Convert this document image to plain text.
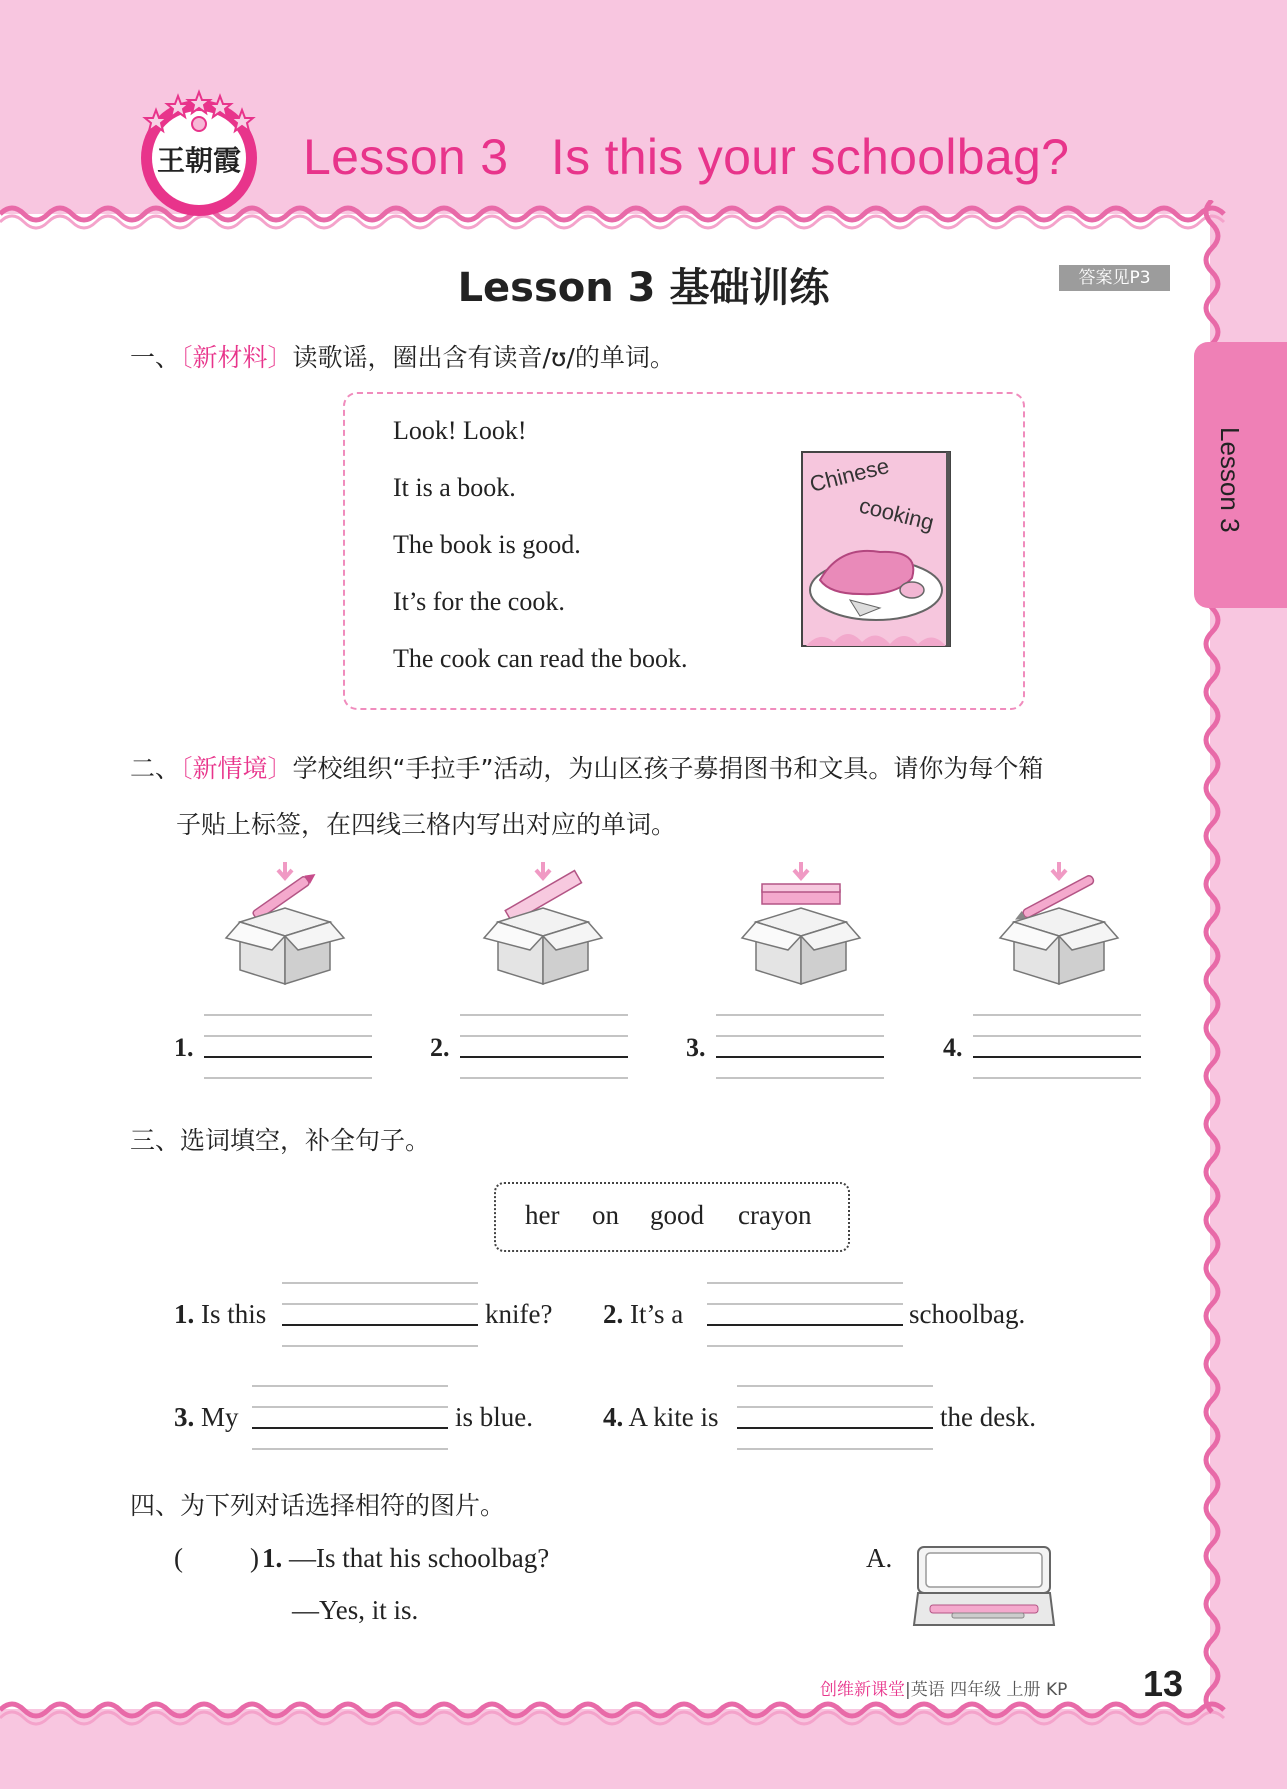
Lesson 3
王朝霞 Lesson 3   Is this your schoolbag?
Lesson 3 基础训练	答案见P3
一、〔新材料〕读歌谣，圈出含有读音/ʊ/的单词。
Look! Look!
It is a book.
The book is good.
It’s for the cook.
The cook can read the book.
Chinese
cooking
二、〔新情境〕学校组织“手拉手”活动，为山区孩子募捐图书和文具。请你为每个箱
子贴上标签，在四线三格内写出对应的单词。
1.	2.	3.	4.
三、选词填空，补全句子。
her on good crayon
1. Is this	knife? 2. It’s a	schoolbag.
3. My	is blue.	4. A kite is	the desk.
四、为下列对话选择相符的图片。
( ) 1. —Is that his schoolbag?
—Yes, it is.
A.
创维新课堂|英语 四年级 上册 KP 13
